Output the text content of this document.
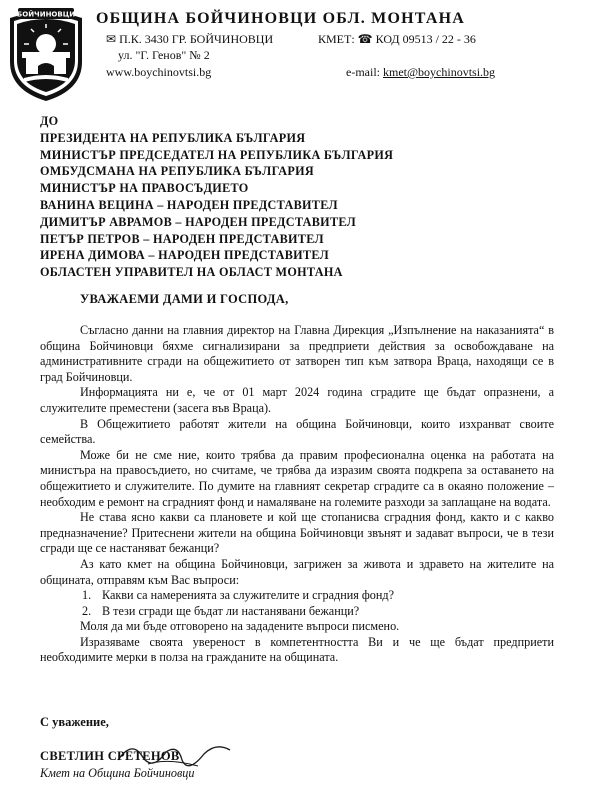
БОЙЧИНОВЦИ ОБЩИНА БОЙЧИНОВЦИ ОБЛ. МОНТАНА
✉ П.К. 3430 ГР. БОЙЧИНОВЦИ	КМЕТ: ☎ КОД 09513 / 22 - 36
ул. "Г. Генов" № 2
www.boychinovtsi.bg	e-mail: kmet@boychinovtsi.bg
ДО
ПРЕЗИДЕНТА НА РЕПУБЛИКА БЪЛГАРИЯ
МИНИСТЪР ПРЕДСЕДАТЕЛ НА РЕПУБЛИКА БЪЛГАРИЯ
ОМБУДСМАНА НА РЕПУБЛИКА БЪЛГАРИЯ
МИНИСТЪР НА ПРАВОСЪДИЕТО
ВАНИНА ВЕЦИНА – НАРОДЕН ПРЕДСТАВИТЕЛ
ДИМИТЪР АВРАМОВ – НАРОДЕН ПРЕДСТАВИТЕЛ
ПЕТЪР ПЕТРОВ – НАРОДЕН ПРЕДСТАВИТЕЛ
ИРЕНА ДИМОВА – НАРОДЕН ПРЕДСТАВИТЕЛ
ОБЛАСТЕН УПРАВИТЕЛ НА ОБЛАСТ МОНТАНА
УВАЖАЕМИ ДАМИ И ГОСПОДА,

Съгласно данни на главния директор на Главна Дирекция „Изпълнение на наказанията“ в община Бойчиновци бяхме сигнализирани за предприети действия за освобождаване на административните сгради на общежитието от затворен тип към затвора Враца, находящи се в град Бойчиновци.

Информацията ни е, че от 01 март 2024 година сградите ще бъдат опразнени, а служителите преместени (засега във Враца).

В Общежитието работят жители на община Бойчиновци, които изхранват своите семейства.

Може би не сме ние, които трябва да правим професионална оценка на работата на министъра на правосъдието, но считаме, че трябва да изразим своята подкрепа за оставането на общежитието и служителите. По думите на главният секретар сградите са в окаяно положение – необходим е ремонт на сградният фонд и намаляване на големите разходи за заплащане на водата.

Не става ясно какви са плановете и кой ще стопанисва сградния фонд, както и с какво предназначение? Притеснени жители на община Бойчиновци звънят и задават въпроси, че в тези сгради ще се настаняват бежанци?

Аз като кмет на община Бойчиновци, загрижен за живота и здравето на жителите на общината, отправям към Вас въпроси:

1. Какви са намеренията за служителите и сградния фонд?

2. В тези сгради ще бъдат ли настанявани бежанци?

Моля да ми бъде отговорено на зададените въпроси писмено.

Изразяваме своята увереност в компетентността Ви и че ще бъдат предприети необходимите мерки в полза на гражданите на общината.

С уважение,
СВЕТЛИН СРЕТЕНОВ
Кмет на Община Бойчиновци
